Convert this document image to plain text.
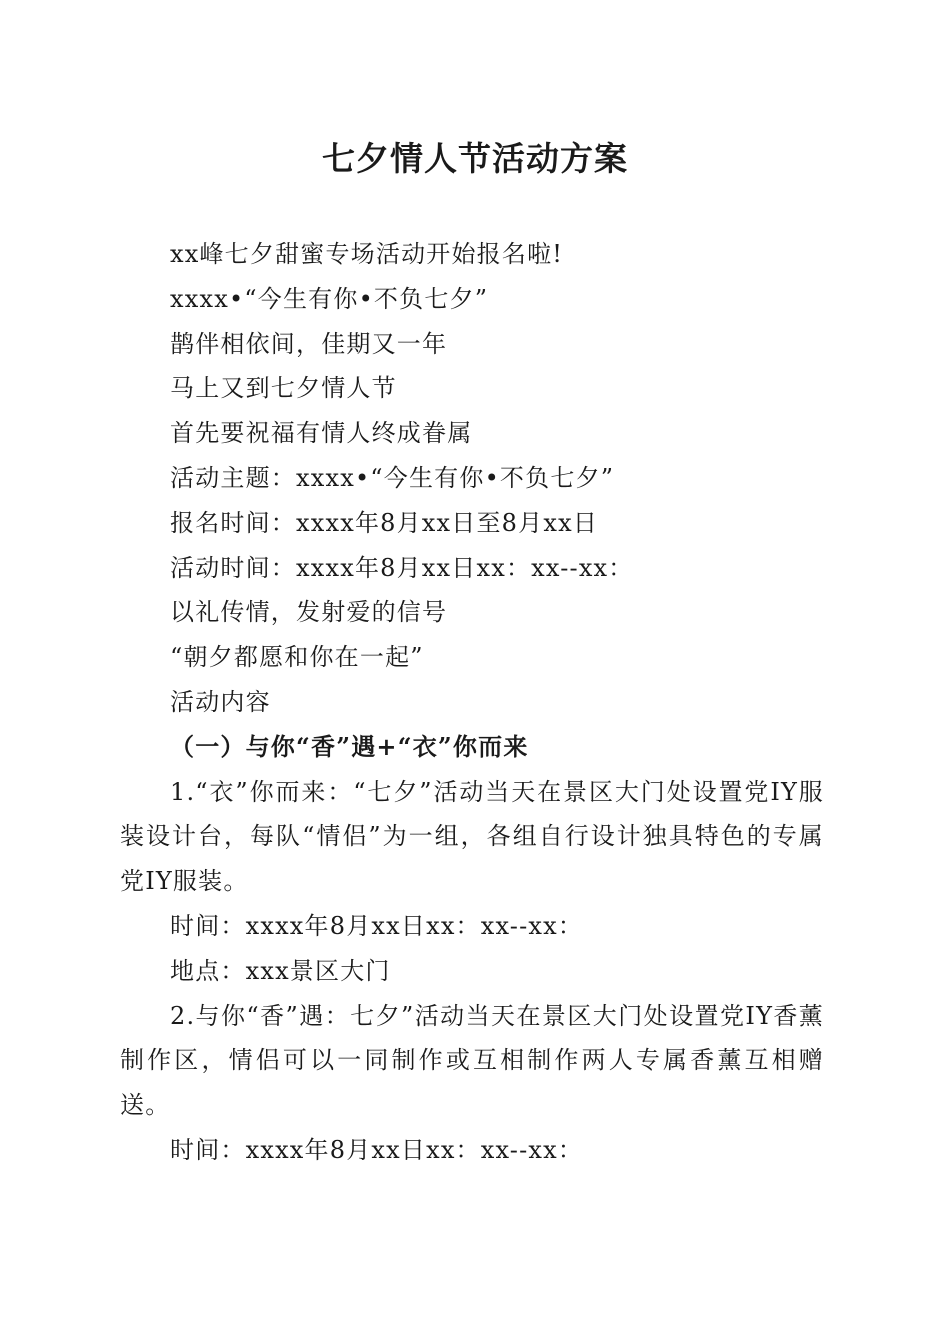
七夕情人节活动方案

xx峰七夕甜蜜专场活动开始报名啦!

xxxx•“今生有你•不负七夕”

鹊伴相依间，佳期又一年

马上又到七夕情人节

首先要祝福有情人终成眷属

活动主题：xxxx•“今生有你•不负七夕”

报名时间：xxxx年8月xx日至8月xx日

活动时间：xxxx年8月xx日xx：xx--xx：

以礼传情，发射爱的信号

“朝夕都愿和你在一起”

活动内容

（一）与你“香”遇+“衣”你而来

1.“衣”你而来：“七夕”活动当天在景区大门处设置党IY服装设计台，每队“情侣”为一组，各组自行设计独具特色的专属党IY服装。

时间：xxxx年8月xx日xx：xx--xx：

地点：xxx景区大门

2.与你“香”遇：七夕”活动当天在景区大门处设置党IY香薰制作区，情侣可以一同制作或互相制作两人专属香薰互相赠送。

时间：xxxx年8月xx日xx：xx--xx：
